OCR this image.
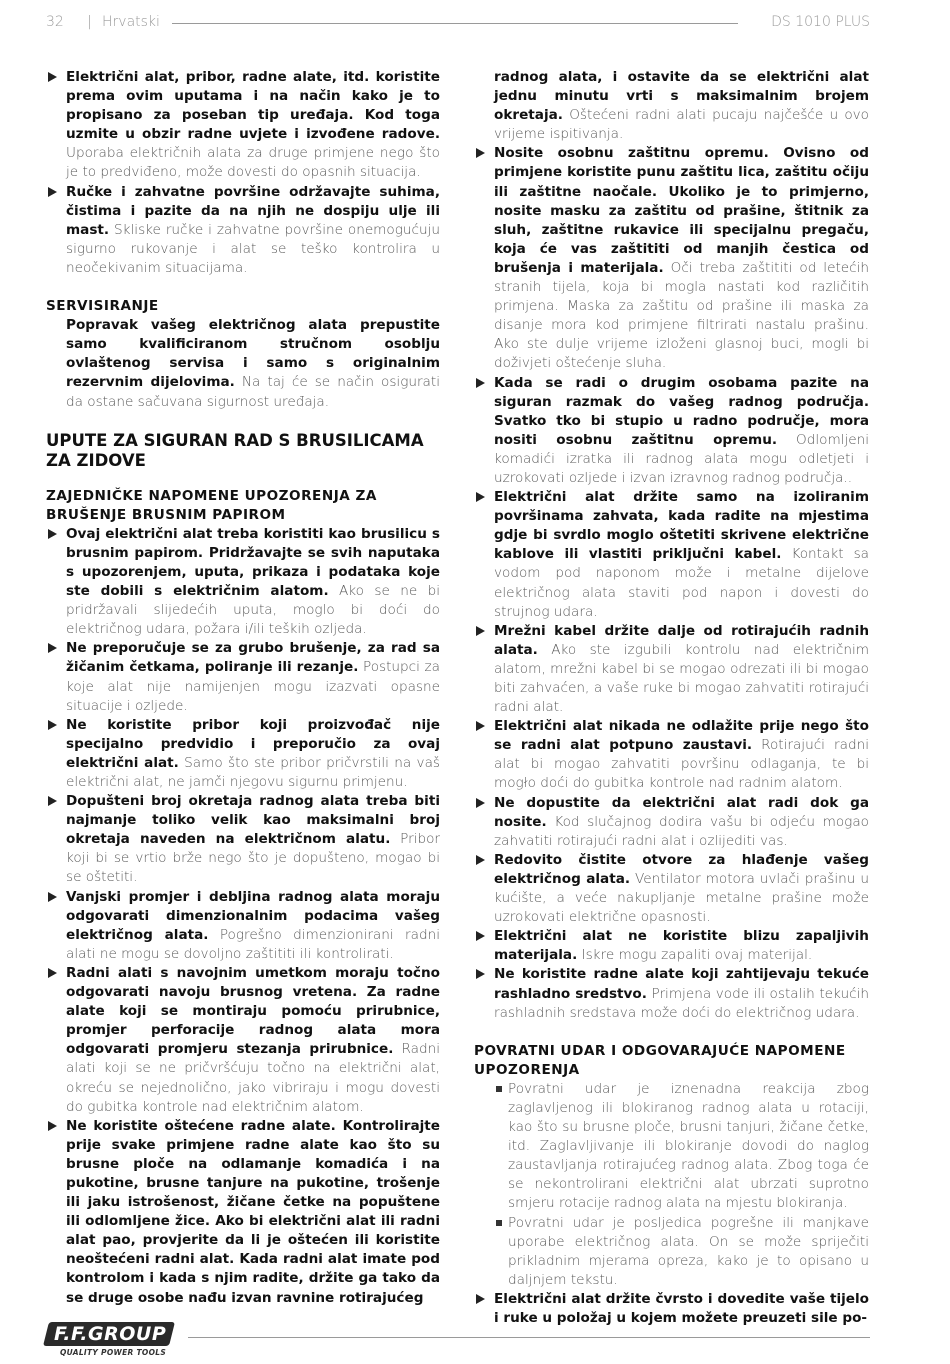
32 | Hrvatski	DS 1010 PLUS

Električni alat, pribor, radne alate, itd. koristite prema ovim uputama i na način kako je to propisano za poseban tip uređaja. Kod toga uzmite u obzir radne uvjete i izvođene radove. Uporaba električnih alata za druge primjene nego što je to predviđeno, može dovesti do opasnih situacija.

Ručke i zahvatne površine održavajte suhima, čistima i pazite da na njih ne dospiju ulje ili mast. Skliske ručke i zahvatne površine onemogućuju sigurno rukovanje i alat se teško kontrolira u neočekivanim situacijama.

SERVISIRANJE

Popravak vašeg električnog alata prepustite samo kvalificiranom stručnom osoblju ovlaštenog servisa i samo s originalnim rezervnim dijelovima. Na taj će se način osigurati da ostane sačuvana sigurnost uređaja.

UPUTE ZA SIGURAN RAD S BRUSILICAMA ZA ZIDOVE

ZAJEDNIČKE NAPOMENE UPOZORENJA ZA BRUŠENJE BRUSNIM PAPIROM

Ovaj električni alat treba koristiti kao brusilicu s brusnim papirom. Pridržavajte se svih naputaka s upozorenjem, uputa, prikaza i podataka koje ste dobili s električnim alatom. Ako se ne bi pridržavali slijedećih uputa, moglo bi doći do električnog udara, požara i/ili teških ozljeda.

Ne preporučuje se za grubo brušenje, za rad sa žičanim četkama, poliranje ili rezanje. Postupci za koje alat nije namijenjen mogu izazvati opasne situacije i ozljede.

Ne koristite pribor koji proizvođač nije specijalno predvidio i preporučio za ovaj električni alat. Samo što ste pribor pričvrstili na vaš električni alat, ne jamči njegovu sigurnu primjenu.

Dopušteni broj okretaja radnog alata treba biti najmanje toliko velik kao maksimalni broj okretaja naveden na električnom alatu. Pribor koji bi se vrtio brže nego što je dopušteno, mogao bi se oštetiti.

Vanjski promjer i debljina radnog alata moraju odgovarati dimenzionalnim podacima vašeg električnog alata. Pogrešno dimenzionirani radni alati ne mogu se dovoljno zaštititi ili kontrolirati.

Radni alati s navojnim umetkom moraju točno odgovarati navoju brusnog vretena. Za radne alate koji se montiraju pomoću prirubnice, promjer perforacije radnog alata mora odgovarati promjeru stezanja prirubnice. Radni alati koji se ne pričvršćuju točno na električni alat, okreću se nejednolično, jako vibriraju i mogu dovesti do gubitka kontrole nad električnim alatom.

Ne koristite oštećene radne alate. Kontrolirajte prije svake primjene radne alate kao što su brusne ploče na odlamanje komadića i na pukotine, brusne tanjure na pukotine, trošenje ili jaku istrošenost, žičane četke na popuštene ili odlomljene žice. Ako bi električni alat ili radni alat pao, provjerite da li je oštećen ili koristite neoštećeni radni alat. Kada radni alat imate pod kontrolom i kada s njim radite, držite ga tako da se druge osobe nađu izvan ravnine rotirajućeg

radnog alata, i ostavite da se električni alat jednu minutu vrti s maksimalnim brojem okretaja. Oštećeni radni alati pucaju najčešće u ovo vrijeme ispitivanja.

Nosite osobnu zaštitnu opremu. Ovisno od primjene koristite punu zaštitu lica, zaštitu očiju ili zaštitne naočale. Ukoliko je to primjerno, nosite masku za zaštitu od prašine, štitnik za sluh, zaštitne rukavice ili specijalnu pregaču, koja će vas zaštititi od manjih čestica od brušenja i materijala. Oči treba zaštititi od letećih stranih tijela, koja bi mogla nastati kod različitih primjena. Maska za zaštitu od prašine ili maska za disanje mora kod primjene filtrirati nastalu prašinu. Ako ste dulje vrijeme izloženi glasnoj buci, mogli bi doživjeti oštećenje sluha.

Kada se radi o drugim osobama pazite na siguran razmak do vašeg radnog područja. Svatko tko bi stupio u radno područje, mora nositi osobnu zaštitnu opremu. Odlomljeni komadići izratka ili radnog alata mogu odletjeti i uzrokovati ozljede i izvan izravnog radnog područja..

Električni alat držite samo na izoliranim površinama zahvata, kada radite na mjestima gdje bi svrdlo moglo oštetiti skrivene električne kablove ili vlastiti priključni kabel. Kontakt sa vodom pod naponom može i metalne dijelove električnog alata staviti pod napon i dovesti do strujnog udara.

Mrežni kabel držite dalje od rotirajućih radnih alata. Ako ste izgubili kontrolu nad električnim alatom, mrežni kabel bi se mogao odrezati ili bi mogao biti zahvaćen, a vaše ruke bi mogao zahvatiti rotirajući radni alat.

Električni alat nikada ne odlažite prije nego što se radni alat potpuno zaustavi. Rotirajući radni alat bi mogao zahvatiti površinu odlaganja, te bi mogło doći do gubitka kontrole nad radnim alatom.

Ne dopustite da električni alat radi dok ga nosite. Kod slučajnog dodira vašu bi odjeću mogao zahvatiti rotirajući radni alat i ozlijediti vas.

Redovito čistite otvore za hlađenje vašeg električnog alata. Ventilator motora uvlači prašinu u kućište, a veće nakupljanje metalne prašine može uzrokovati električne opasnosti.

Električni alat ne koristite blizu zapaljivih materijala. Iskre mogu zapaliti ovaj materijal.

Ne koristite radne alate koji zahtijevaju tekuće rashladno sredstvo. Primjena vode ili ostalih tekućih rashladnih sredstava može doći do električnog udara.

POVRATNI UDAR I ODGOVARAJUĆE NAPOMENE UPOZORENJA

Povratni udar je iznenadna reakcija zbog zaglavljenog ili blokiranog radnog alata u rotaciji, kao što su brusne ploče, brusni tanjuri, žičane četke, itd. Zaglavljivanje ili blokiranje dovodi do naglog zaustavljanja rotirajućeg radnog alata. Zbog toga će se nekontrolirani električni alat ubrzati suprotno smjeru rotacije radnog alata na mjestu blokiranja.

Povratni udar je posljedica pogrešne ili manjkave uporabe električnog alata. On se može spriječiti prikladnim mjerama opreza, kako je to opisano u daljnjem tekstu.

Električni alat držite čvrsto i dovedite vaše tijelo i ruke u položaj u kojem možete preuzeti sile po-

F.F.GROUP
QUALITY POWER TOOLS
